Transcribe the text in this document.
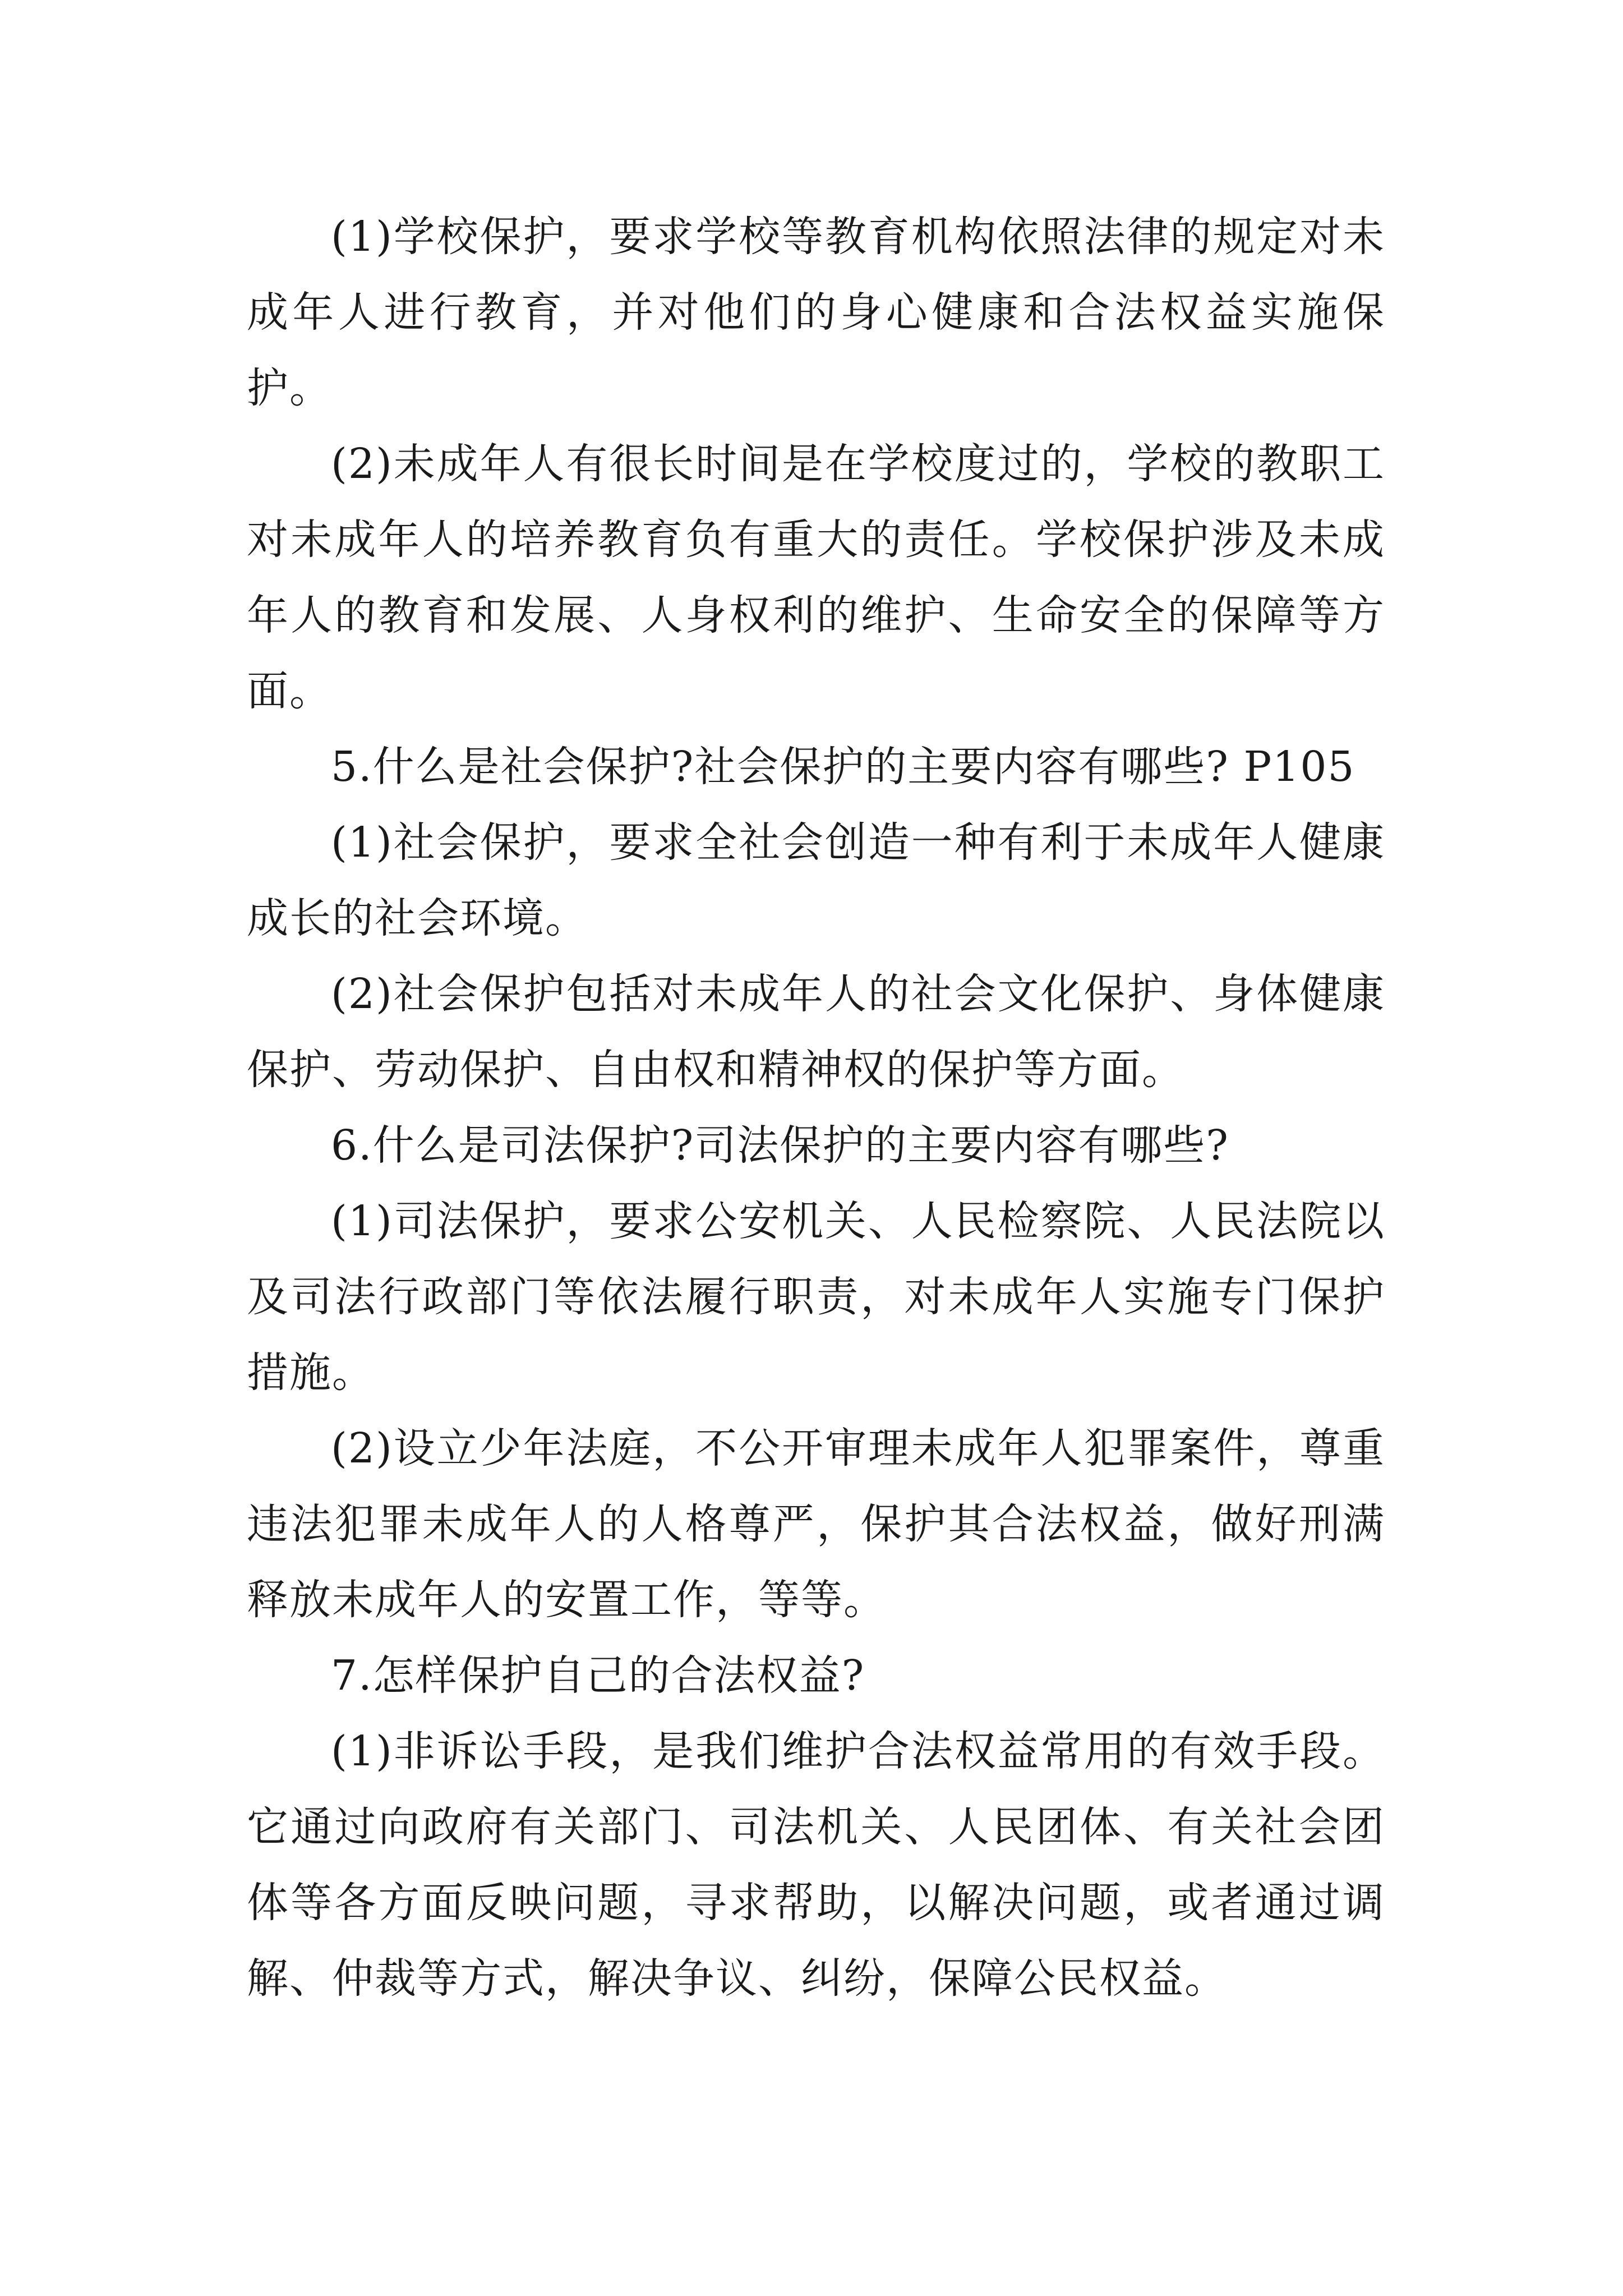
(1)学校保护，要求学校等教育机构依照法律的规定对未成年人进行教育，并对他们的身心健康和合法权益实施保护。

(2)未成年人有很长时间是在学校度过的，学校的教职工对未成年人的培养教育负有重大的责任。学校保护涉及未成年人的教育和发展、人身权利的维护、生命安全的保障等方面。

5.什么是社会保护?社会保护的主要内容有哪些? P105

(1)社会保护，要求全社会创造一种有利于未成年人健康成长的社会环境。

(2)社会保护包括对未成年人的社会文化保护、身体健康保护、劳动保护、自由权和精神权的保护等方面。

6.什么是司法保护?司法保护的主要内容有哪些?

(1)司法保护，要求公安机关、人民检察院、人民法院以及司法行政部门等依法履行职责，对未成年人实施专门保护措施。

(2)设立少年法庭，不公开审理未成年人犯罪案件，尊重违法犯罪未成年人的人格尊严，保护其合法权益，做好刑满释放未成年人的安置工作，等等。

7.怎样保护自己的合法权益?

(1)非诉讼手段，是我们维护合法权益常用的有效手段。它通过向政府有关部门、司法机关、人民团体、有关社会团体等各方面反映问题，寻求帮助，以解决问题，或者通过调解、仲裁等方式，解决争议、纠纷，保障公民权益。
